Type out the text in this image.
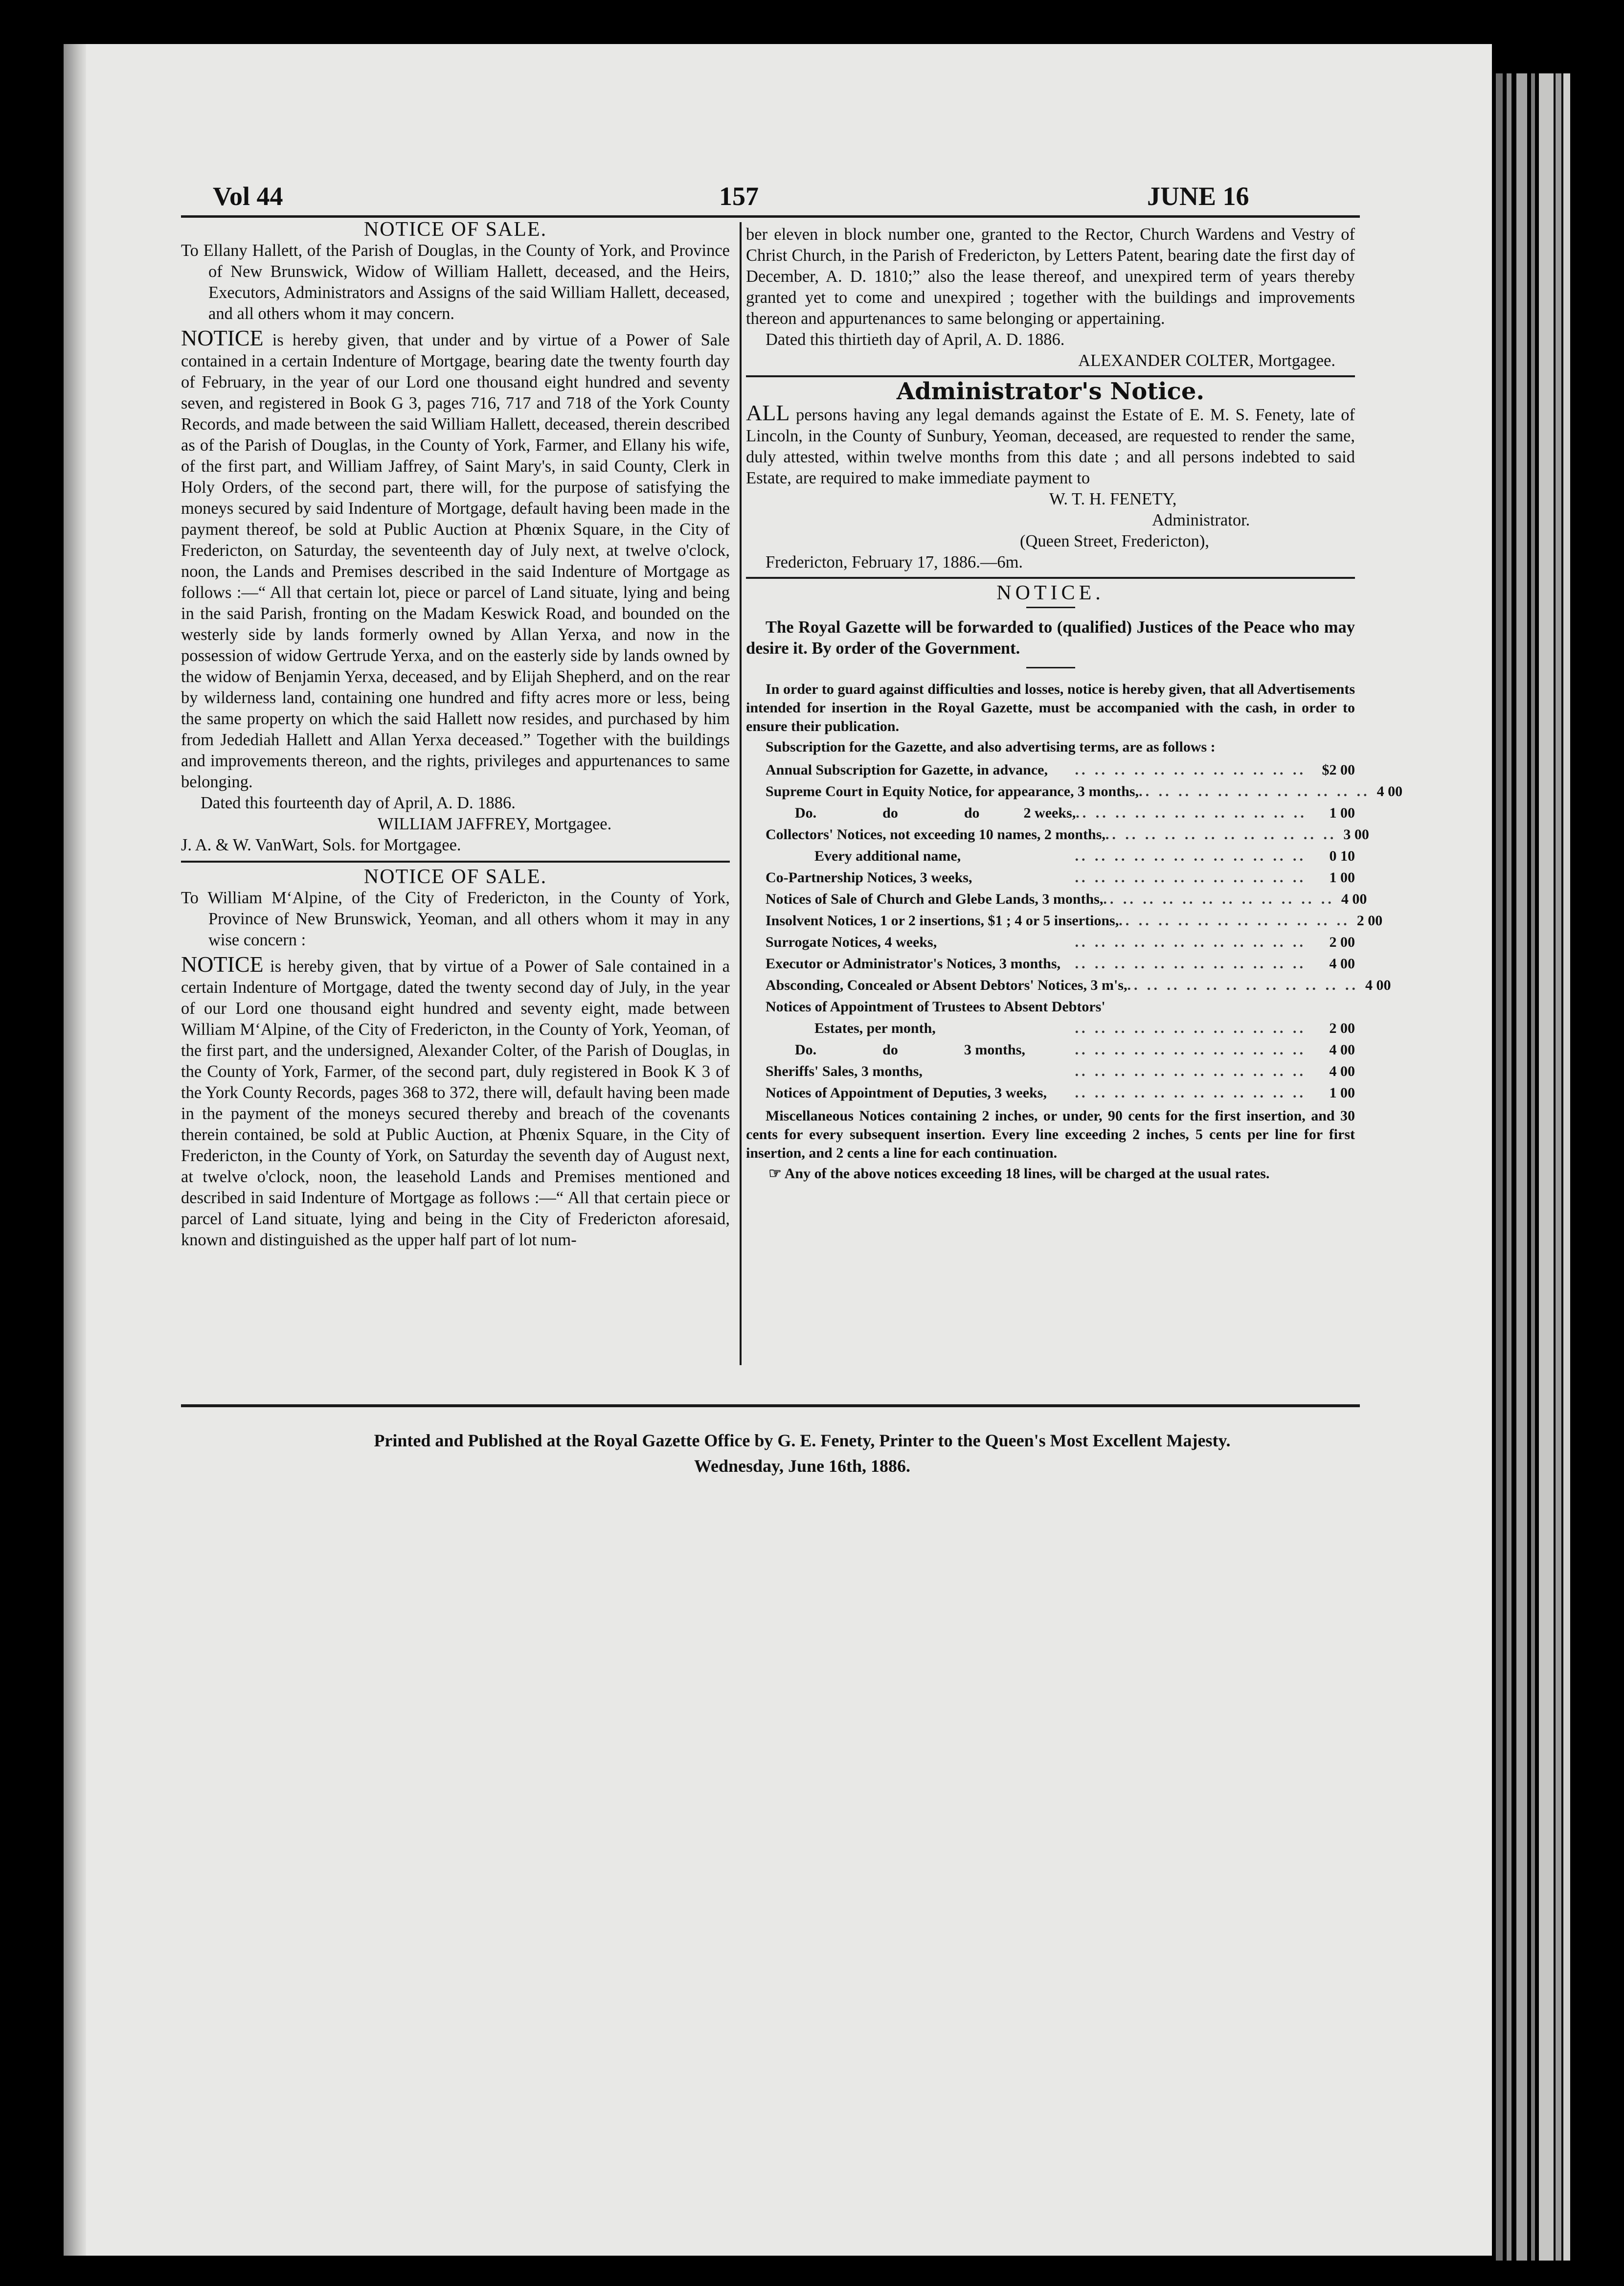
Vol 44	157	JUNE 16

NOTICE OF SALE.

To Ellany Hallett, of the Parish of Douglas, in the County of York, and Province of New Brunswick, Widow of William Hallett, deceased, and the Heirs, Executors, Administrators and Assigns of the said William Hallett, deceased, and all others whom it may concern.

NOTICE is hereby given, that under and by virtue of a Power of Sale contained in a certain Indenture of Mortgage, bearing date the twenty fourth day of February, in the year of our Lord one thousand eight hundred and seventy seven, and registered in Book G 3, pages 716, 717 and 718 of the York County Records, and made between the said William Hallett, deceased, therein described as of the Parish of Douglas, in the County of York, Farmer, and Ellany his wife, of the first part, and William Jaffrey, of Saint Mary's, in said County, Clerk in Holy Orders, of the second part, there will, for the purpose of satisfying the moneys secured by said Indenture of Mortgage, default having been made in the payment thereof, be sold at Public Auction at Phœnix Square, in the City of Fredericton, on Saturday, the seventeenth day of July next, at twelve o'clock, noon, the Lands and Premises described in the said Indenture of Mortgage as follows :—“ All that certain lot, piece or parcel of Land situate, lying and being in the said Parish, fronting on the Madam Keswick Road, and bounded on the westerly side by lands formerly owned by Allan Yerxa, and now in the possession of widow Gertrude Yerxa, and on the easterly side by lands owned by the widow of Benjamin Yerxa, deceased, and by Elijah Shepherd, and on the rear by wilderness land, containing one hundred and fifty acres more or less, being the same property on which the said Hallett now resides, and purchased by him from Jedediah Hallett and Allan Yerxa deceased.” Together with the buildings and improvements thereon, and the rights, privileges and appurtenances to same belonging.

Dated this fourteenth day of April, A. D. 1886.

WILLIAM JAFFREY, Mortgagee.

J. A. & W. VanWart, Sols. for Mortgagee.

NOTICE OF SALE.

To William M‘Alpine, of the City of Fredericton, in the County of York, Province of New Brunswick, Yeoman, and all others whom it may in any wise concern :

NOTICE is hereby given, that by virtue of a Power of Sale contained in a certain Indenture of Mortgage, dated the twenty second day of July, in the year of our Lord one thousand eight hundred and seventy eight, made between William M‘Alpine, of the City of Fredericton, in the County of York, Yeoman, of the first part, and the undersigned, Alexander Colter, of the Parish of Douglas, in the County of York, Farmer, of the second part, duly registered in Book K 3 of the York County Records, pages 368 to 372, there will, default having been made in the payment of the moneys secured thereby and breach of the covenants therein contained, be sold at Public Auction, at Phœnix Square, in the City of Fredericton, in the County of York, on Saturday the seventh day of August next, at twelve o'clock, noon, the leasehold Lands and Premises mentioned and described in said Indenture of Mortgage as follows :—“ All that certain piece or parcel of Land situate, lying and being in the City of Fredericton aforesaid, known and distinguished as the upper half part of lot num-

ber eleven in block number one, granted to the Rector, Church Wardens and Vestry of Christ Church, in the Parish of Fredericton, by Letters Patent, bearing date the first day of December, A. D. 1810;” also the lease thereof, and unexpired term of years thereby granted yet to come and unexpired ; together with the buildings and improvements thereon and appurtenances to same belonging or appertaining.

Dated this thirtieth day of April, A. D. 1886.

ALEXANDER COLTER, Mortgagee.

Administrator's Notice.

ALL persons having any legal demands against the Estate of E. M. S. Fenety, late of Lincoln, in the County of Sunbury, Yeoman, deceased, are requested to render the same, duly attested, within twelve months from this date ; and all persons indebted to said Estate, are required to make immediate payment to

W. T. H. FENETY,

Administrator.

(Queen Street, Fredericton),

Fredericton, February 17, 1886.—6m.

NOTICE.

The Royal Gazette will be forwarded to (qualified) Justices of the Peace who may desire it. By order of the Government.

In order to guard against difficulties and losses, notice is hereby given, that all Advertisements intended for insertion in the Royal Gazette, must be accompanied with the cash, in order to ensure their publication.

Subscription for the Gazette, and also advertising terms, are as follows :

Annual Subscription for Gazette, in advance,	.. .. .. .. .. .. .. .. .. .. .. ..	$2 00
Supreme Court in Equity Notice, for appearance, 3 months, .. .. .. .. .. .. .. .. .. .. .. .. 4 00
Do.                  do                  do            2 weeks, .. .. .. .. .. .. .. .. .. .. .. ..	1 00
Collectors' Notices, not exceeding 10 names, 2 months, .. .. .. .. .. .. .. .. .. .. .. .. 3 00
Every additional name,	.. .. .. .. .. .. .. .. .. .. .. ..	0 10
Co-Partnership Notices, 3 weeks,	.. .. .. .. .. .. .. .. .. .. .. ..	1 00
Notices of Sale of Church and Glebe Lands, 3 months, .. .. .. .. .. .. .. .. .. .. .. .. 4 00
Insolvent Notices, 1 or 2 insertions, $1 ; 4 or 5 insertions, .. .. .. .. .. .. .. .. .. .. .. .. 2 00
Surrogate Notices, 4 weeks,	.. .. .. .. .. .. .. .. .. .. .. ..	2 00
Executor or Administrator's Notices, 3 months, .. .. .. .. .. .. .. .. .. .. .. ..	4 00
Absconding, Concealed or Absent Debtors' Notices, 3 m's, .. .. .. .. .. .. .. .. .. .. .. .. 4 00
Notices of Appointment of Trustees to Absent Debtors'
Estates, per month,	.. .. .. .. .. .. .. .. .. .. .. ..	2 00
Do.                  do                  3 months,	.. .. .. .. .. .. .. .. .. .. .. ..	4 00
Sheriffs' Sales, 3 months,	.. .. .. .. .. .. .. .. .. .. .. ..	4 00
Notices of Appointment of Deputies, 3 weeks,	.. .. .. .. .. .. .. .. .. .. .. ..	1 00

Miscellaneous Notices containing 2 inches, or under, 90 cents for the first insertion, and 30 cents for every subsequent insertion. Every line exceeding 2 inches, 5 cents per line for first insertion, and 2 cents a line for each continuation.

☞ Any of the above notices exceeding 18 lines, will be charged at the usual rates.

Printed and Published at the Royal Gazette Office by G. E. Fenety, Printer to the Queen's Most Excellent Majesty.
Wednesday, June 16th, 1886.
